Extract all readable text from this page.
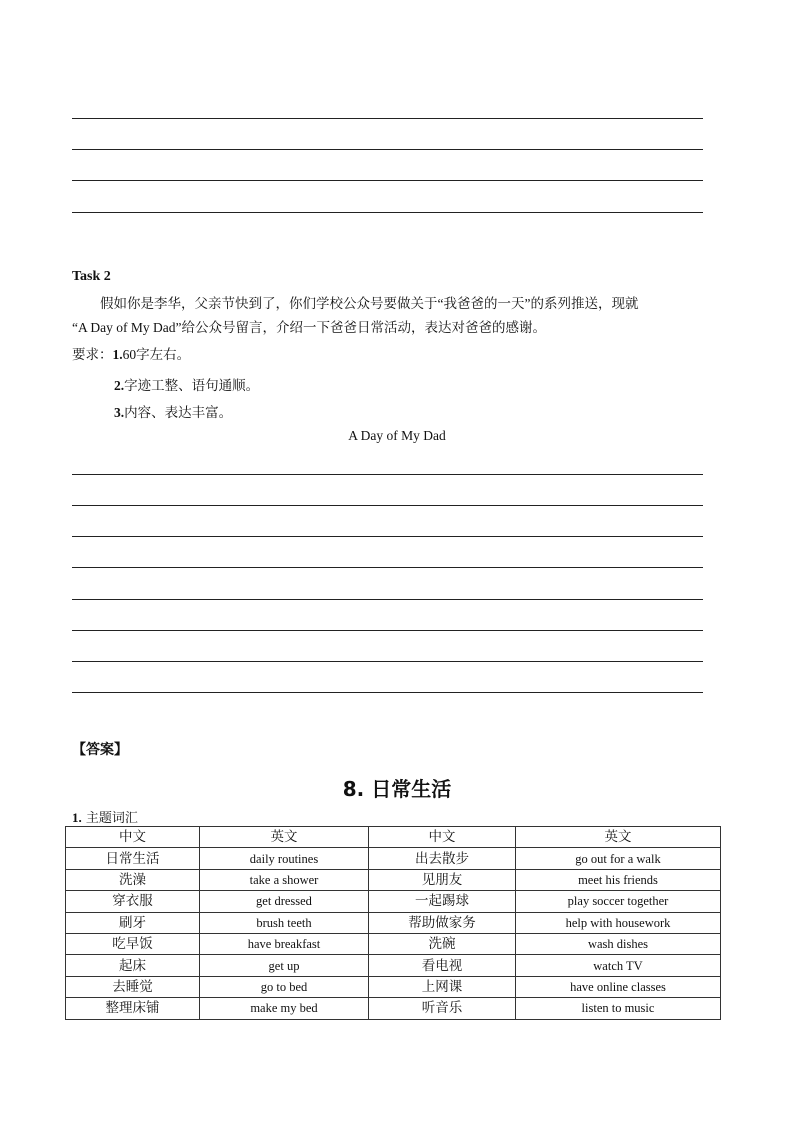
Task 2
假如你是李华，父亲节快到了，你们学校公众号要做关于“我爸爸的一天”的系列推送，现就
“A Day of My Dad”给公众号留言，介绍一下爸爸日常活动，表达对爸爸的感谢。
要求：1.60字左右。
2.字迹工整、语句通顺。
3.内容、表达丰富。
A Day of My Dad
【答案】
8. 日常生活
1. 主题词汇
中文	英文	中文	英文
日常生活	daily routines	出去散步	go out for a walk
洗澡	take a shower	见朋友	meet his friends
穿衣服	get dressed	一起踢球	play soccer together
刷牙	brush teeth	帮助做家务	help with housework
吃早饭	have breakfast	洗碗	wash dishes
起床	get up	看电视	watch TV
去睡觉	go to bed	上网课	have online classes
整理床铺	make my bed	听音乐	listen to music
